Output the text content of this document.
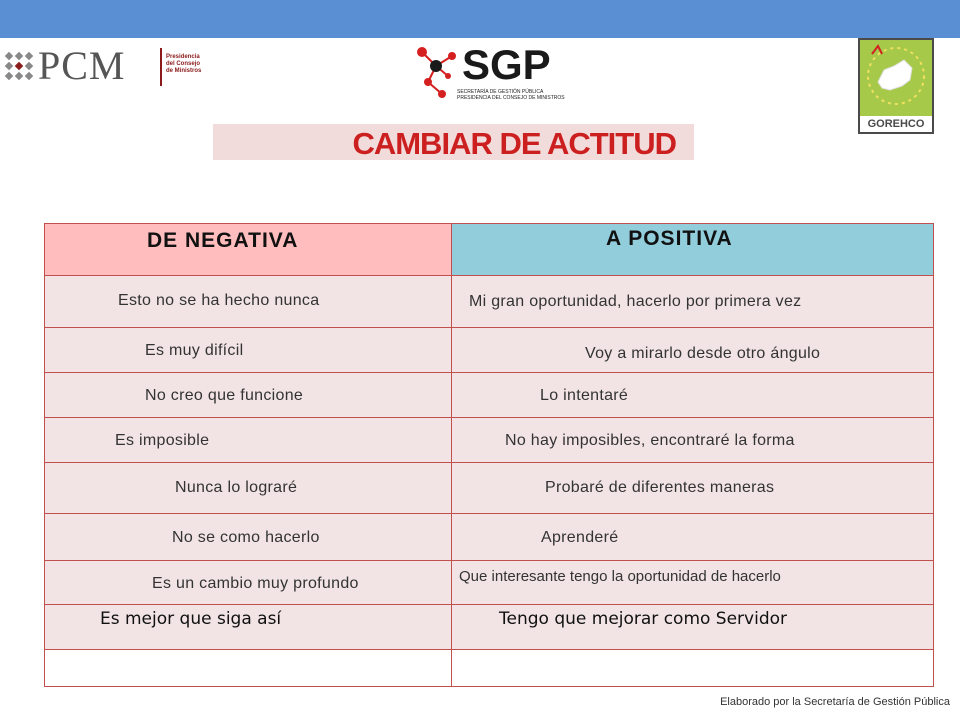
PCM	Presidencia
del Consejo
de Ministros	SGP
SECRETARÍA DE GESTIÓN PÚBLICA
PRESIDENCIA DEL CONSEJO DE MINISTROS
GOREHCO
CAMBIAR DE ACTITUD
DE NEGATIVA	A POSITIVA
Esto no se ha hecho nunca	Mi gran oportunidad, hacerlo por primera vez
Es muy difícil	Voy a mirarlo desde otro ángulo
No creo que funcione	Lo intentaré
Es imposible	No hay imposibles, encontraré la forma
Nunca lo lograré	Probaré de diferentes maneras
No se como hacerlo	Aprenderé
Es un cambio muy profundo	Que interesante tengo la oportunidad de hacerlo
Es mejor que siga así	Tengo que mejorar como Servidor
Elaborado por la Secretaría de Gestión Pública
